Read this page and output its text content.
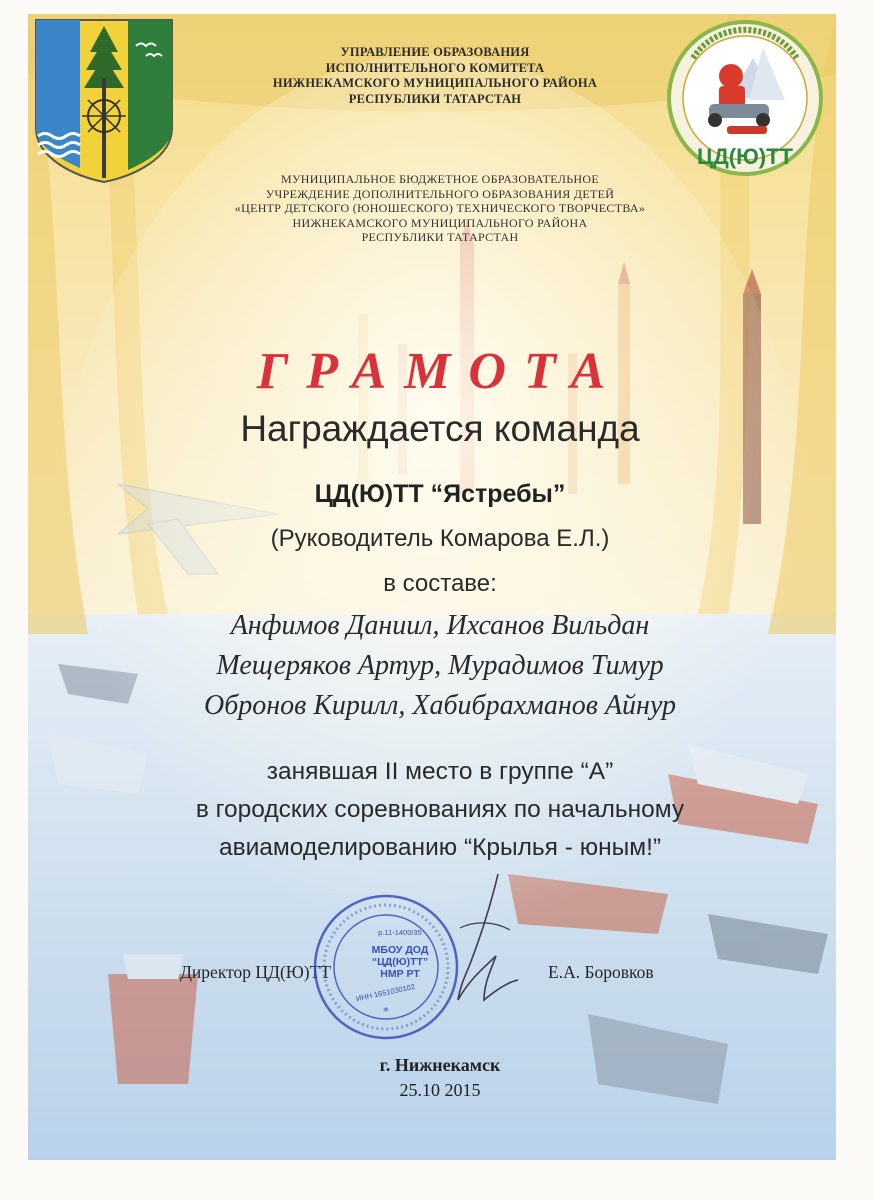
ЦД(Ю)ТТ
УПРАВЛЕНИЕ ОБРАЗОВАНИЯ
ИСПОЛНИТЕЛЬНОГО КОМИТЕТА
НИЖНЕКАМСКОГО МУНИЦИПАЛЬНОГО РАЙОНА
РЕСПУБЛИКИ ТАТАРСТАН
МУНИЦИПАЛЬНОЕ БЮДЖЕТНОЕ ОБРАЗОВАТЕЛЬНОЕ
УЧРЕЖДЕНИЕ ДОПОЛНИТЕЛЬНОГО ОБРАЗОВАНИЯ ДЕТЕЙ
«ЦЕНТР ДЕТСКОГО (ЮНОШЕСКОГО) ТЕХНИЧЕСКОГО ТВОРЧЕСТВА»
НИЖНЕКАМСКОГО МУНИЦИПАЛЬНОГО РАЙОНА
РЕСПУБЛИКИ ТАТАРСТАН
ГРАМОТА
Награждается команда
ЦД(Ю)ТТ “Ястребы”
(Руководитель Комарова Е.Л.)
в составе:
Анфимов Даниил, Ихсанов Вильдан
Мещеряков Артур, Мурадимов Тимур
Обронов Кирилл, Хабибрахманов Айнур
занявшая II место в группе “А”
в городских соревнованиях по начальному
авиамоделированию “Крылья - юным!”
Директор ЦД(Ю)ТТ	Е.А. Боровков
р.11-1400/35
МБОУ ДОД
“ЦД(Ю)ТТ”
НМР РТ
ИНН 1651030102
*
г. Нижнекамск
25.10 2015
